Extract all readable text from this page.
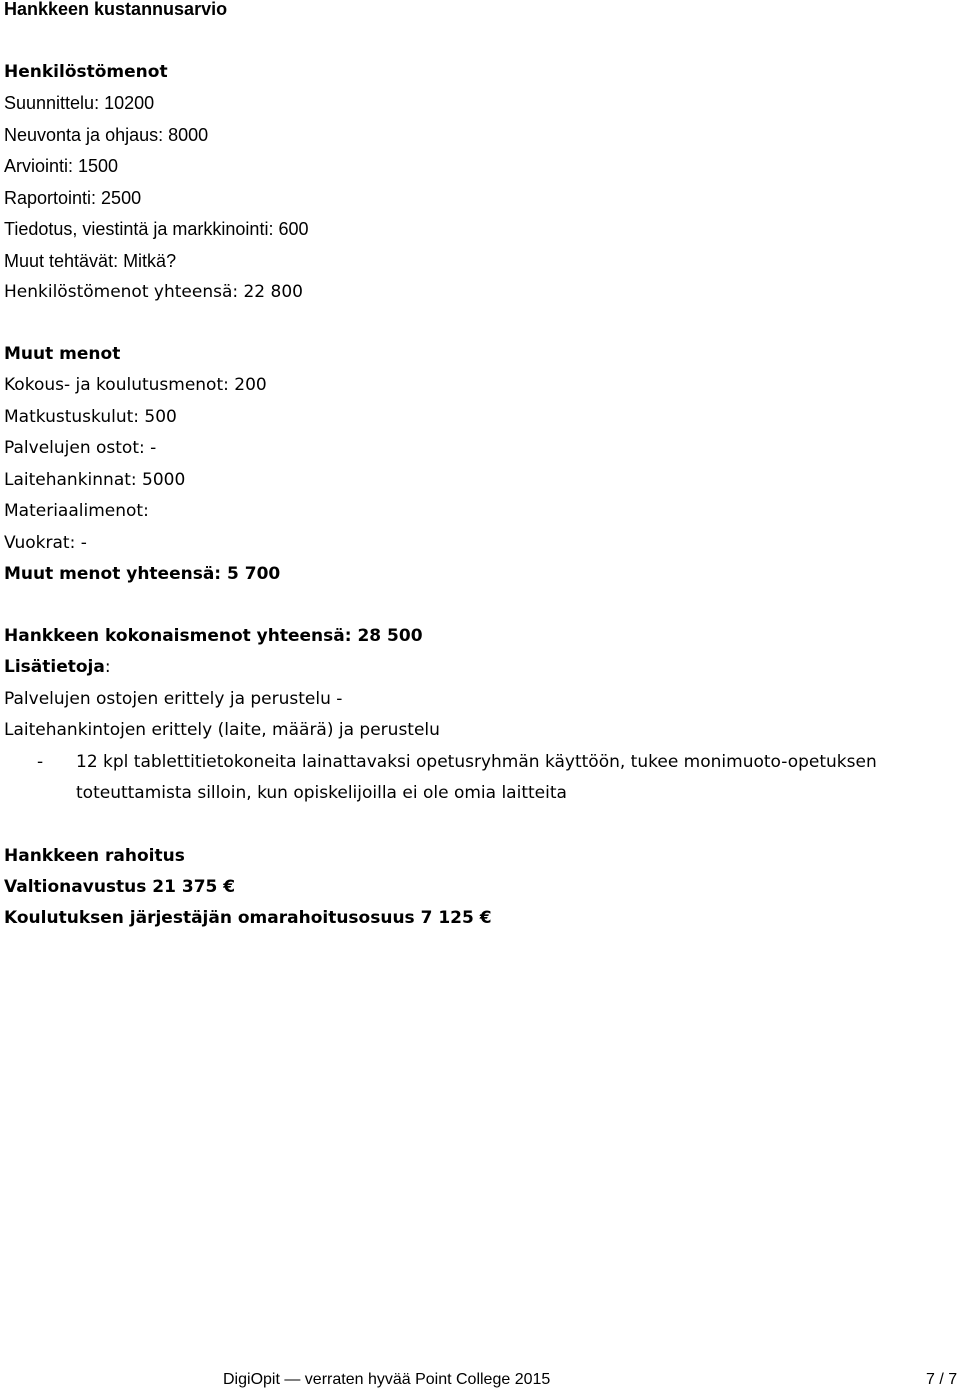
Hankkeen kustannusarvio
Henkilöstömenot
Suunnittelu: 10200
Neuvonta ja ohjaus: 8000
Arviointi: 1500
Raportointi: 2500
Tiedotus, viestintä ja markkinointi: 600
Muut tehtävät: Mitkä?
Henkilöstömenot yhteensä: 22 800
Muut menot
Kokous- ja koulutusmenot: 200
Matkustuskulut: 500
Palvelujen ostot: -
Laitehankinnat: 5000
Materiaalimenot:
Vuokrat: -
Muut menot yhteensä: 5 700
Hankkeen kokonaismenot yhteensä: 28 500
Lisätietoja:
Palvelujen ostojen erittely ja perustelu -
Laitehankintojen erittely (laite, määrä) ja perustelu
- 12 kpl tablettitietokoneita lainattavaksi opetusryhmän käyttöön, tukee monimuoto-opetuksen
toteuttamista silloin, kun opiskelijoilla ei ole omia laitteita
Hankkeen rahoitus
Valtionavustus 21 375 €
Koulutuksen järjestäjän omarahoitusosuus 7 125 €
DigiOpit — verraten hyvää Point College 2015	7 / 7
